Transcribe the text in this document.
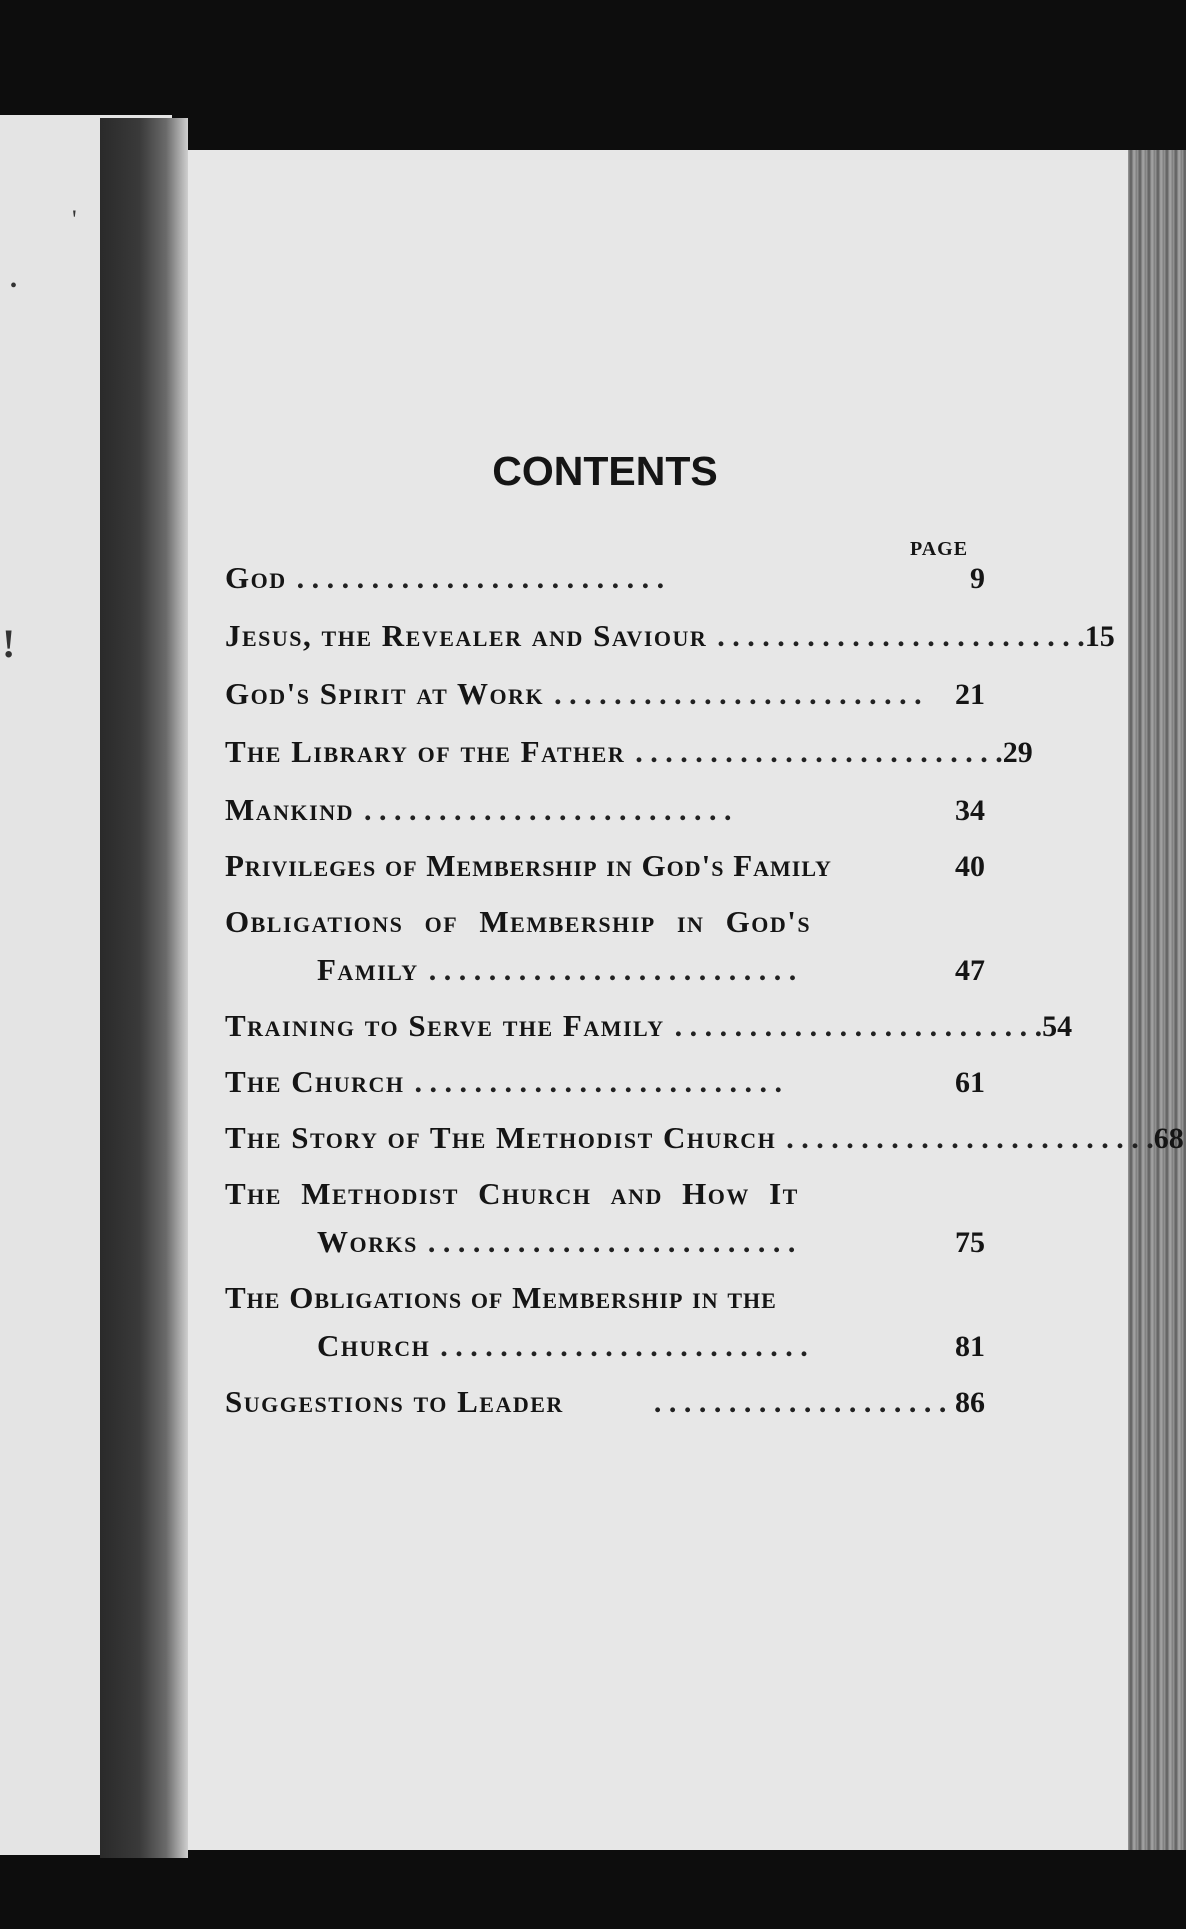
'
•
!
CONTENTS
PAGE
God . . . . . . . . . . . . . . . . . . . . . . . . .	9
Jesus, the Revealer and Saviour . . . . . . . . . . . . . . . . . . . . . . . . . 15
God's Spirit at Work . . . . . . . . . . . . . . . . . . . . . . . . .	21
The Library of the Father . . . . . . . . . . . . . . . . . . . . . . . . . 29
Mankind . . . . . . . . . . . . . . . . . . . . . . . . .	34
Privileges of Membership in God's Family	40
Obligations of Membership in God's
Family . . . . . . . . . . . . . . . . . . . . . . . . .	47
Training to Serve the Family . . . . . . . . . . . . . . . . . . . . . . . . . 54
The Church . . . . . . . . . . . . . . . . . . . . . . . . .	61
The Story of The Methodist Church . . . . . . . . . . . . . . . . . . . . . . . . . 68
The Methodist Church and How It
Works . . . . . . . . . . . . . . . . . . . . . . . . .	75
The Obligations of Membership in the
Church . . . . . . . . . . . . . . . . . . . . . . . . .	81
Suggestions to Leader	. . . . . . . . . . . . . . . . . . . . 86
